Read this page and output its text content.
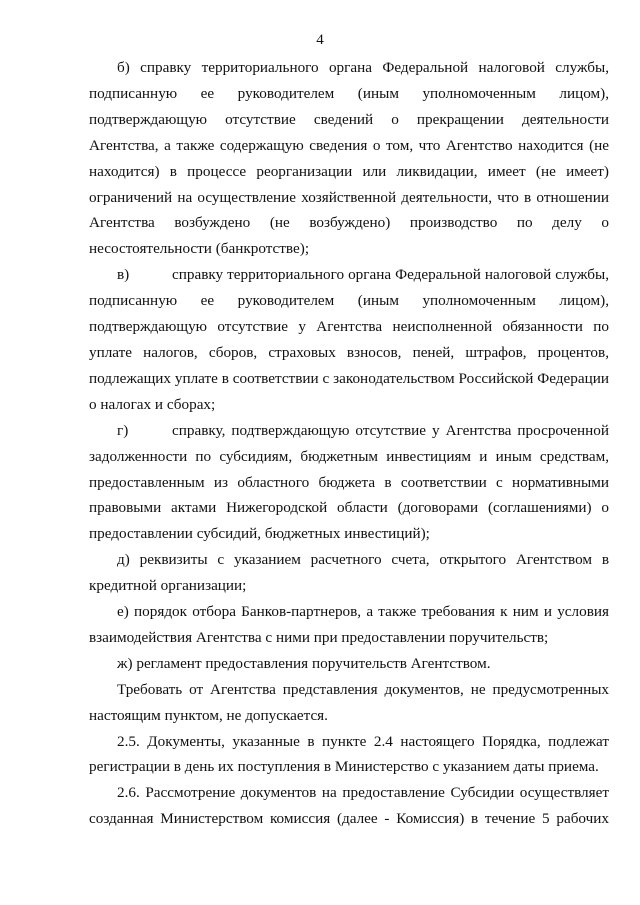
4

б) справку территориального органа Федеральной налоговой службы, подписанную ее руководителем (иным уполномоченным лицом), подтверждающую отсутствие сведений о прекращении деятельности Агентства, а также содержащую сведения о том, что Агентство находится (не находится) в процессе реорганизации или ликвидации, имеет (не имеет) ограничений на осуществление хозяйственной деятельности, что в отношении Агентства возбуждено (не возбуждено) производство по делу о несостоятельности (банкротстве);

в)	справку территориального органа Федеральной налоговой службы, подписанную ее руководителем (иным уполномоченным лицом), подтверждающую отсутствие у Агентства неисполненной обязанности по уплате налогов, сборов, страховых взносов, пеней, штрафов, процентов, подлежащих уплате в соответствии с законодательством Российской Федерации о налогах и сборах;

г)	справку, подтверждающую отсутствие у Агентства просроченной задолженности по субсидиям, бюджетным инвестициям и иным средствам, предоставленным из областного бюджета в соответствии с нормативными правовыми актами Нижегородской области (договорами (соглашениями) о предоставлении субсидий, бюджетных инвестиций);

д) реквизиты с указанием расчетного счета, открытого Агентством в кредитной организации;

е) порядок отбора Банков-партнеров, а также требования к ним и условия взаимодействия Агентства с ними при предоставлении поручительств;

ж) регламент предоставления поручительств Агентством.

Требовать от Агентства представления документов, не предусмотренных настоящим пунктом, не допускается.

2.5. Документы, указанные в пункте 2.4 настоящего Порядка, подлежат регистрации в день их поступления в Министерство с указанием даты приема.

2.6. Рассмотрение документов на предоставление Субсидии осуществляет созданная Министерством комиссия (далее - Комиссия) в течение 5 рабочих
